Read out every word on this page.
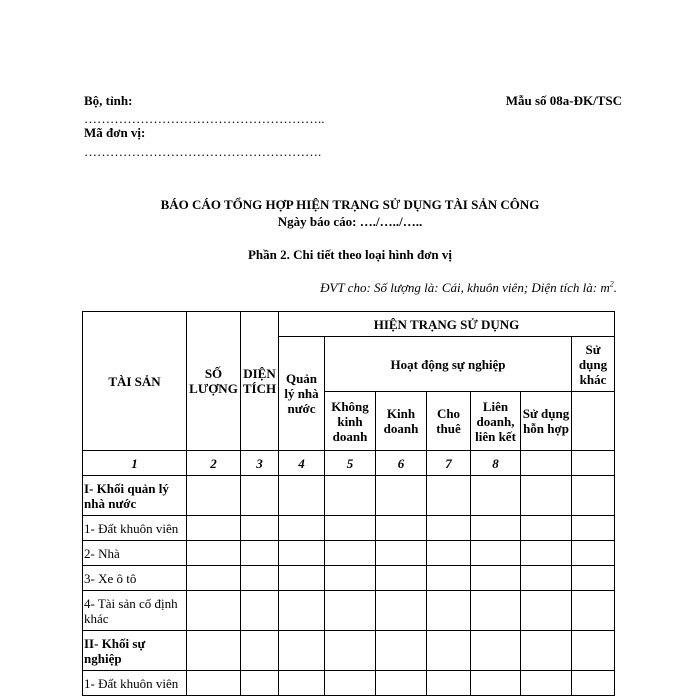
Bộ, tỉnh:
………………………………………………..
Mã đơn vị:
……………………………………………….
Mẫu số 08a-ĐK/TSC
BÁO CÁO TỔNG HỢP HIỆN TRẠNG SỬ DỤNG TÀI SẢN CÔNG
Ngày báo cáo: …./…../…..
Phần 2. Chi tiết theo loại hình đơn vị
ĐVT cho: Số lượng là: Cái, khuôn viên; Diện tích là: $m^2$.
TÀI SẢN	SỐ LƯỢNG	DIỆN TÍCH	HIỆN TRẠNG SỬ DỤNG						
			Quản lý nhà nước	Hoạt động sự nghiệp					Sử dụng khác
				Không kinh doanh	Kinh doanh	Cho thuê	Liên doanh, liên kết	Sử dụng hỗn hợp	
1	2	3	4	5	6	7	8		
I- Khối quản lý nhà nước									
1- Đất khuôn viên									
2- Nhà									
3- Xe ô tô									
4- Tài sản cố định khác									
II- Khối sự nghiệp									
1- Đất khuôn viên									
